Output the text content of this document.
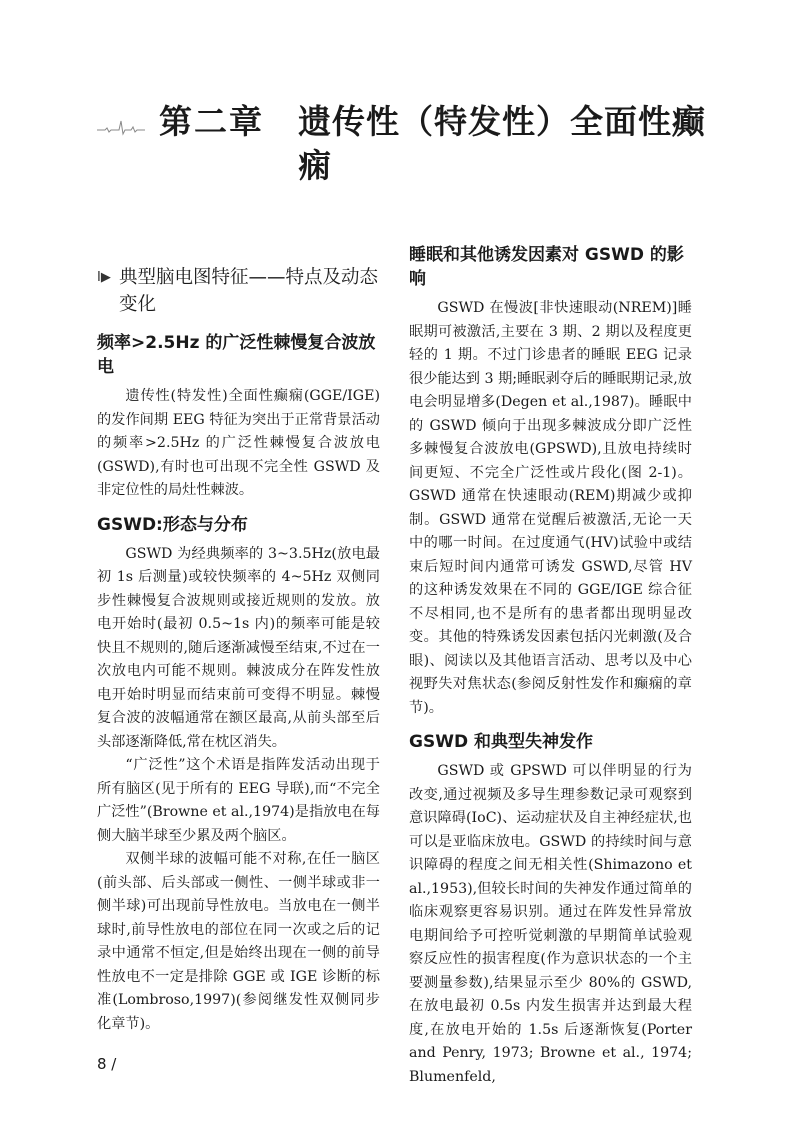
第二章 遗传性（特发性）全面性癫痫
I▶ 典型脑电图特征——特点及动态变化
频率>2.5Hz 的广泛性棘慢复合波放电

遗传性(特发性)全面性癫痫(GGE/IGE)的发作间期 EEG 特征为突出于正常背景活动的频率>2.5Hz 的广泛性棘慢复合波放电(GSWD),有时也可出现不完全性 GSWD 及非定位性的局灶性棘波。

GSWD:形态与分布

GSWD 为经典频率的 3~3.5Hz(放电最初 1s 后测量)或较快频率的 4~5Hz 双侧同步性棘慢复合波规则或接近规则的发放。放电开始时(最初 0.5~1s 内)的频率可能是较快且不规则的,随后逐渐减慢至结束,不过在一次放电内可能不规则。棘波成分在阵发性放电开始时明显而结束前可变得不明显。棘慢复合波的波幅通常在额区最高,从前头部至后头部逐渐降低,常在枕区消失。

“广泛性”这个术语是指阵发活动出现于所有脑区(见于所有的 EEG 导联),而“不完全广泛性”(Browne et al.,1974)是指放电在每侧大脑半球至少累及两个脑区。

双侧半球的波幅可能不对称,在任一脑区(前头部、后头部或一侧性、一侧半球或非一侧半球)可出现前导性放电。当放电在一侧半球时,前导性放电的部位在同一次或之后的记录中通常不恒定,但是始终出现在一侧的前导性放电不一定是排除 GGE 或 IGE 诊断的标准(Lombroso,1997)(参阅继发性双侧同步化章节)。

8 /
睡眠和其他诱发因素对 GSWD 的影响

GSWD 在慢波[非快速眼动(NREM)]睡眠期可被激活,主要在 3 期、2 期以及程度更轻的 1 期。不过门诊患者的睡眠 EEG 记录很少能达到 3 期;睡眠剥夺后的睡眠期记录,放电会明显增多(Degen et al.,1987)。睡眠中的 GSWD 倾向于出现多棘波成分即广泛性多棘慢复合波放电(GPSWD),且放电持续时间更短、不完全广泛性或片段化(图 2-1)。GSWD 通常在快速眼动(REM)期减少或抑制。GSWD 通常在觉醒后被激活,无论一天中的哪一时间。在过度通气(HV)试验中或结束后短时间内通常可诱发 GSWD,尽管 HV 的这种诱发效果在不同的 GGE/IGE 综合征不尽相同,也不是所有的患者都出现明显改变。其他的特殊诱发因素包括闪光刺激(及合眼)、阅读以及其他语言活动、思考以及中心视野失对焦状态(参阅反射性发作和癫痫的章节)。

GSWD 和典型失神发作

GSWD 或 GPSWD 可以伴明显的行为改变,通过视频及多导生理参数记录可观察到意识障碍(IoC)、运动症状及自主神经症状,也可以是亚临床放电。GSWD 的持续时间与意识障碍的程度之间无相关性(Shimazono et al.,1953),但较长时间的失神发作通过简单的临床观察更容易识别。通过在阵发性异常放电期间给予可控听觉刺激的早期简单试验观察反应性的损害程度(作为意识状态的一个主要测量参数),结果显示至少 80%的 GSWD,在放电最初 0.5s 内发生损害并达到最大程度,在放电开始的 1.5s 后逐渐恢复(Porter and Penry, 1973; Browne et al., 1974; Blumenfeld,
